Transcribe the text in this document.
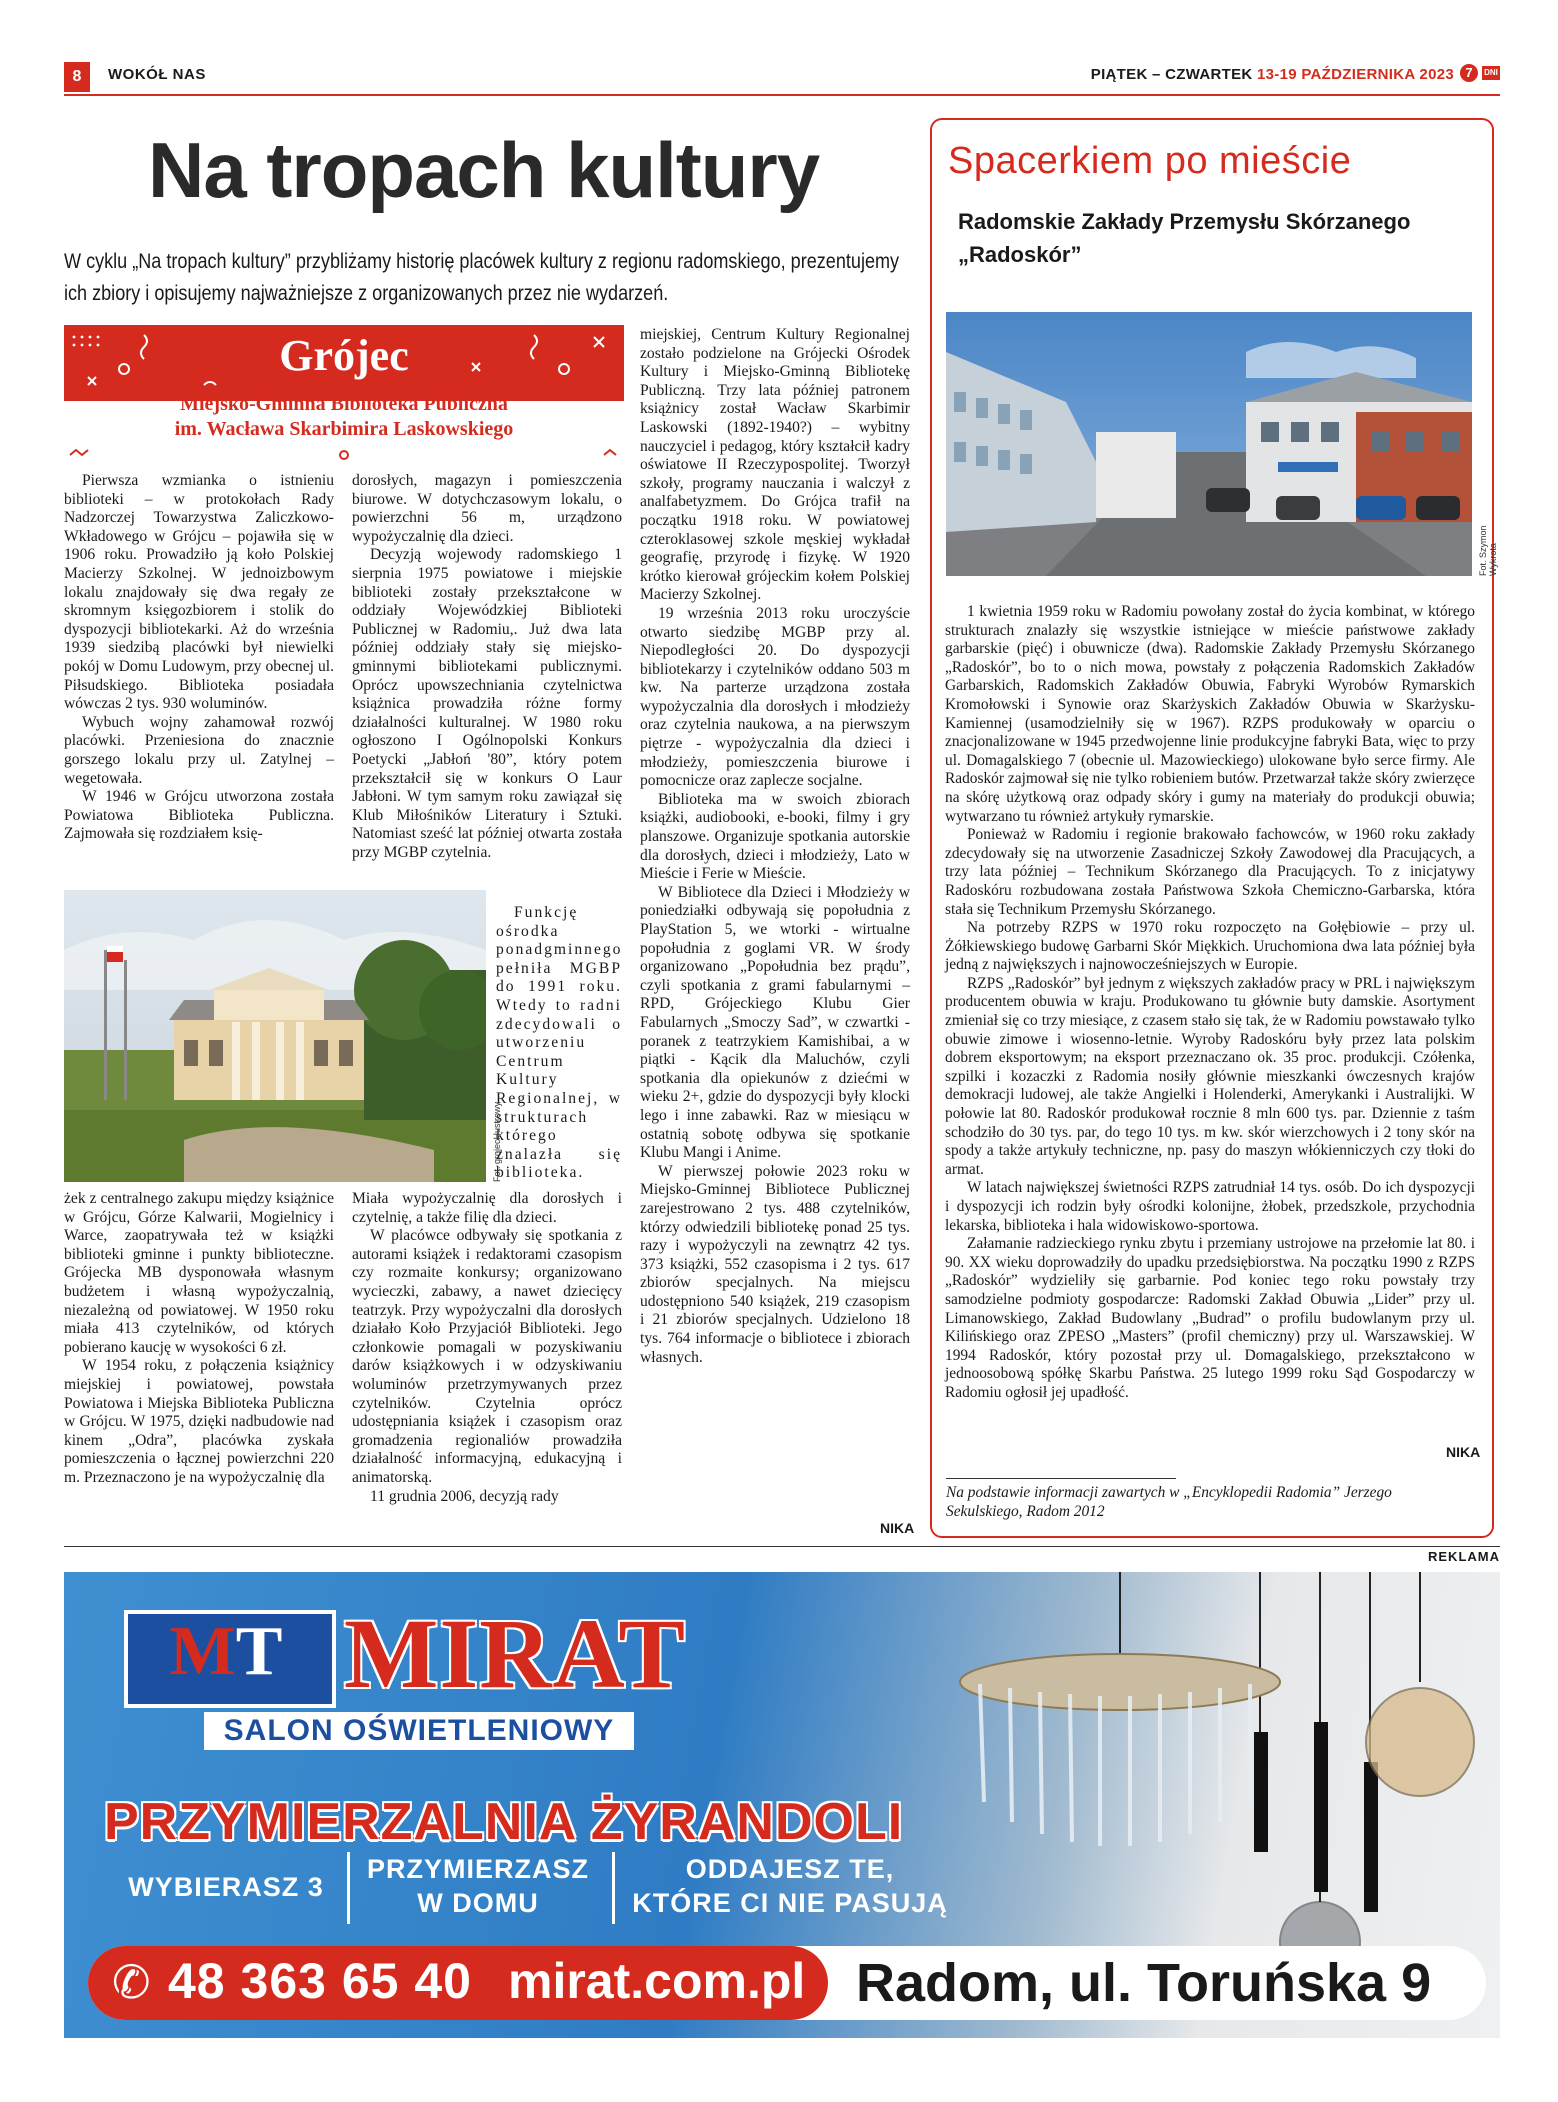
8	WOKÓŁ NAS	PIĄTEK – CZWARTEK 13-19 PAŹDZIERNIKA 2023 7	DNI
Na tropach kultury
W cyklu „Na tropach kultury” przybliżamy historię placówek kultury z regionu radomskiego, prezentujemy ich zbiory i opisujemy najważniejsze z organizowanych przez nie wydarzeń.
Grójec
Miejsko-Gminna Biblioteka Publiczna
im. Wacława Skarbimira Laskowskiego

Pierwsza wzmianka o istnieniu biblioteki – w protokołach Rady Nadzorczej Towarzystwa Zaliczkowo-Wkładowego w Grójcu – pojawiła się w 1906 roku. Prowadziło ją koło Polskiej Macierzy Szkolnej. W jednoizbowym lokalu znajdowały się dwa regały ze skromnym księgozbiorem i stolik do dyspozycji bibliotekarki. Aż do września 1939 siedzibą placówki był niewielki pokój w Domu Ludowym, przy obecnej ul. Piłsudskiego. Biblioteka posiadała wówczas 2 tys. 930 woluminów.

Wybuch wojny zahamował rozwój placówki. Przeniesiona do znacznie gorszego lokalu przy ul. Zatylnej – wegetowała.

W 1946 w Grójcu utworzona została Powiatowa Biblioteka Publiczna. Zajmowała się rozdziałem księ-

dorosłych, magazyn i pomieszczenia biurowe. W dotychczasowym lokalu, o powierzchni 56 m, urządzono wypożyczalnię dla dzieci.

Decyzją wojewody radomskiego 1 sierpnia 1975 powiatowe i miejskie biblioteki zostały przekształcone w oddziały Wojewódzkiej Biblioteki Publicznej w Radomiu,. Już dwa lata później oddziały stały się miejsko-gminnymi bibliotekami publicznymi. Oprócz upowszechniania czytelnictwa książnica prowadziła różne formy działalności kulturalnej. W 1980 roku ogłoszono I Ogólnopolski Konkurs Poetycki „Jabłoń '80”, który potem przekształcił się w konkurs O Laur Jabłoni. W tym samym roku zawiązał się Klub Miłośników Literatury i Sztuki. Natomiast sześć lat później otwarta została przy MGBP czytelnia.

Funkcję ośrodka ponadgminnego pełniła MGBP do 1991 roku. Wtedy to radni zdecydowali o utworzeniu Centrum Kultury Regionalnej, w strukturach którego znalazła się biblioteka.

Fot. grojecHustrowy

żek z centralnego zakupu między książnice w Grójcu, Górze Kalwarii, Mogielnicy i Warce, zaopatrywała też w książki biblioteki gminne i punkty biblioteczne. Grójecka MB dysponowała własnym budżetem i własną wypożyczalnią, niezależną od powiatowej. W 1950 roku miała 413 czytelników, od których pobierano kaucję w wysokości 6 zł.

W 1954 roku, z połączenia książnicy miejskiej i powiatowej, powstała Powiatowa i Miejska Biblioteka Publiczna w Grójcu. W 1975, dzięki nadbudowie nad kinem „Odra”, placówka zyskała pomieszczenia o łącznej powierzchni 220 m. Przeznaczono je na wypożyczalnię dla

Miała wypożyczalnię dla dorosłych i czytelnię, a także filię dla dzieci.

W placówce odbywały się spotkania z autorami książek i redaktorami czasopism czy rozmaite konkursy; organizowano wycieczki, zabawy, a nawet dziecięcy teatrzyk. Przy wypożyczalni dla dorosłych działało Koło Przyjaciół Biblioteki. Jego członkowie pomagali w pozyskiwaniu darów książkowych i w odzyskiwaniu woluminów przetrzymywanych przez czytelników. Czytelnia oprócz udostępniania książek i czasopism oraz gromadzenia regionaliów prowadziła działalność informacyjną, edukacyjną i animatorską.

11 grudnia 2006, decyzją rady

miejskiej, Centrum Kultury Regionalnej zostało podzielone na Grójecki Ośrodek Kultury i Miejsko-Gminną Bibliotekę Publiczną. Trzy lata później patronem książnicy został Wacław Skarbimir Laskowski (1892-1940?) – wybitny nauczyciel i pedagog, który kształcił kadry oświatowe II Rzeczypospolitej. Tworzył szkoły, programy nauczania i walczył z analfabetyzmem. Do Grójca trafił na początku 1918 roku. W powiatowej czteroklasowej szkole męskiej wykładał geografię, przyrodę i fizykę. W 1920 krótko kierował grójeckim kołem Polskiej Macierzy Szkolnej.

19 września 2013 roku uroczyście otwarto siedzibę MGBP przy al. Niepodległości 20. Do dyspozycji bibliotekarzy i czytelników oddano 503 m kw. Na parterze urządzona została wypożyczalnia dla dorosłych i młodzieży oraz czytelnia naukowa, a na pierwszym piętrze - wypożyczalnia dla dzieci i młodzieży, pomieszczenia biurowe i pomocnicze oraz zaplecze socjalne.

Biblioteka ma w swoich zbiorach książki, audiobooki, e-booki, filmy i gry planszowe. Organizuje spotkania autorskie dla dorosłych, dzieci i młodzieży, Lato w Mieście i Ferie w Mieście.

W Bibliotece dla Dzieci i Młodzieży w poniedziałki odbywają się popołudnia z PlayStation 5, we wtorki - wirtualne popołudnia z goglami VR. W środy organizowano „Popołudnia bez prądu”, czyli spotkania z grami fabularnymi – RPD, Grójeckiego Klubu Gier Fabularnych „Smoczy Sad”, w czwartki - poranek z teatrzykiem Kamishibai, a w piątki - Kącik dla Maluchów, czyli spotkania dla opiekunów z dziećmi w wieku 2+, gdzie do dyspozycji były klocki lego i inne zabawki. Raz w miesiącu w ostatnią sobotę odbywa się spotkanie Klubu Mangi i Anime.

W pierwszej połowie 2023 roku w Miejsko-Gminnej Bibliotece Publicznej zarejestrowano 2 tys. 488 czytelników, którzy odwiedzili bibliotekę ponad 25 tys. razy i wypożyczyli na zewnątrz 42 tys. 373 książki, 552 czasopisma i 2 tys. 617 zbiorów specjalnych. Na miejscu udostępniono 540 książek, 219 czasopism i 21 zbiorów specjalnych. Udzielono 18 tys. 764 informacje o bibliotece i zbiorach własnych.

NIKA
Spacerkiem po mieście
Radomskie Zakłady Przemysłu Skórzanego „Radoskór”
Fot. Szymon Wykrota

1 kwietnia 1959 roku w Radomiu powołany został do życia kombinat, w którego strukturach znalazły się wszystkie istniejące w mieście państwowe zakłady garbarskie (pięć) i obuwnicze (dwa). Radomskie Zakłady Przemysłu Skórzanego „Radoskór”, bo to o nich mowa, powstały z połączenia Radomskich Zakładów Garbarskich, Radomskich Zakładów Obuwia, Fabryki Wyrobów Rymarskich Kromołowski i Synowie oraz Skarżyskich Zakładów Obuwia w Skarżysku-Kamiennej (usamodzielniły się w 1967). RZPS produkowały w oparciu o znacjonalizowane w 1945 przedwojenne linie produkcyjne fabryki Bata, więc to przy ul. Domagalskiego 7 (obecnie ul. Mazowieckiego) ulokowane było serce firmy. Ale Radoskór zajmował się nie tylko robieniem butów. Przetwarzał także skóry zwierzęce na skórę użytkową oraz odpady skóry i gumy na materiały do produkcji obuwia; wytwarzano tu również artykuły rymarskie.

Ponieważ w Radomiu i regionie brakowało fachowców, w 1960 roku zakłady zdecydowały się na utworzenie Zasadniczej Szkoły Zawodowej dla Pracujących, a trzy lata później – Technikum Skórzanego dla Pracujących. To z inicjatywy Radoskóru rozbudowana została Państwowa Szkoła Chemiczno-Garbarska, która stała się Technikum Przemysłu Skórzanego.

Na potrzeby RZPS w 1970 roku rozpoczęto na Gołębiowie – przy ul. Żółkiewskiego budowę Garbarni Skór Miękkich. Uruchomiona dwa lata później była jedną z największych i najnowocześniejszych w Europie.

RZPS „Radoskór” był jednym z większych zakładów pracy w PRL i największym producentem obuwia w kraju. Produkowano tu głównie buty damskie. Asortyment zmieniał się co trzy miesiące, z czasem stało się tak, że w Radomiu powstawało tylko obuwie zimowe i wiosenno-letnie. Wyroby Radoskóru były przez lata polskim dobrem eksportowym; na eksport przeznaczano ok. 35 proc. produkcji. Czółenka, szpilki i kozaczki z Radomia nosiły głównie mieszkanki ówczesnych krajów demokracji ludowej, ale także Angielki i Holenderki, Amerykanki i Australijki. W połowie lat 80. Radoskór produkował rocznie 8 mln 600 tys. par. Dziennie z taśm schodziło do 30 tys. par, do tego 10 tys. m kw. skór wierzchowych i 2 tony skór na spody a także artykuły techniczne, np. pasy do maszyn włókienniczych czy tłoki do armat.

W latach największej świetności RZPS zatrudniał 14 tys. osób. Do ich dyspozycji i dyspozycji ich rodzin były ośrodki kolonijne, żłobek, przedszkole, przychodnia lekarska, biblioteka i hala widowiskowo-sportowa.

Załamanie radzieckiego rynku zbytu i przemiany ustrojowe na przełomie lat 80. i 90. XX wieku doprowadziły do upadku przedsiębiorstwa. Na początku 1990 z RZPS „Radoskór” wydzieliły się garbarnie. Pod koniec tego roku powstały trzy samodzielne podmioty gospodarcze: Radomski Zakład Obuwia „Lider” przy ul. Limanowskiego, Zakład Budowlany „Budrad” o profilu budowlanym przy ul. Kilińskiego oraz ZPESO „Masters” (profil chemiczny) przy ul. Warszawskiej. W 1994 Radoskór, który pozostał przy ul. Domagalskiego, przekształcono w jednoosobową spółkę Skarbu Państwa. 25 lutego 1999 roku Sąd Gospodarczy w Radomiu ogłosił jej upadłość.

NIKA
Na podstawie informacji zawartych w „Encyklopedii Radomia” Jerzego Sekulskiego, Radom 2012
REKLAMA
MT MIRAT
SALON OŚWIETLENIOWY
PRZYMIERZALNIA ŻYRANDOLI
WYBIERASZ 3
PRZYMIERZASZ
W DOMU
ODDAJESZ TE,
KTÓRE CI NIE PASUJĄ
✆ 48 363 65 40 mirat.com.pl Radom, ul. Toruńska 9
